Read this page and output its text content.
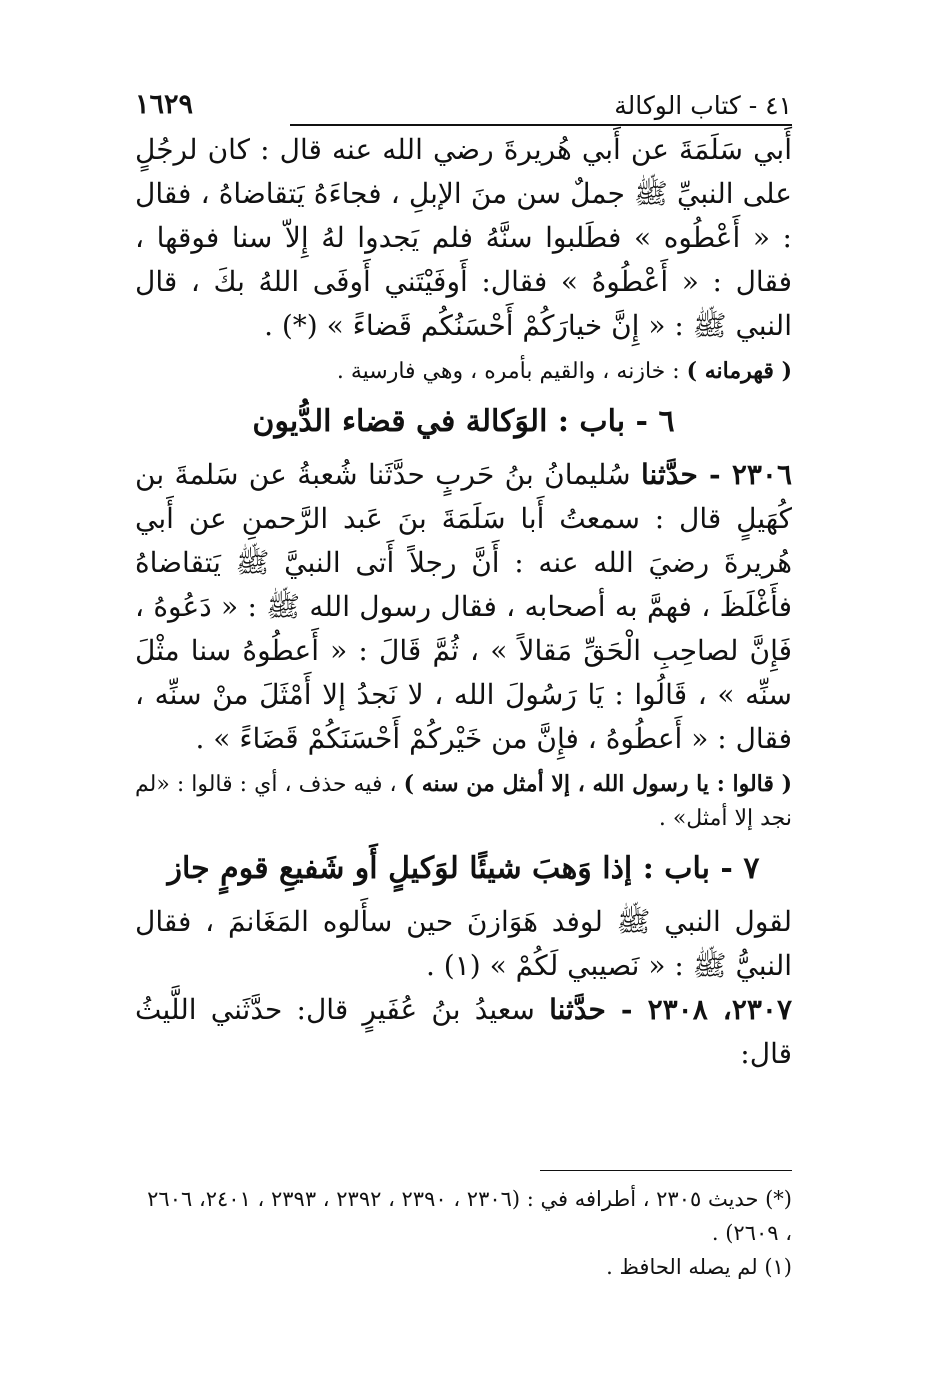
٤١ - كتاب الوكالة
١٦٢٩

أَبي سَلَمَةَ عن أَبي هُريرةَ رضي الله عنه قال : كان لرجُلٍ على النبيِّ ﷺ جملٌ سن منَ الإبلِ ، فجاءَهُ يَتقاضاهُ ، فقال : « أَعْطُوه » فطَلبوا سنَّهُ فلم يَجدوا لهُ إِلاّ سنا فوقها ، فقال : « أَعْطُوهُ » فقال: أَوفَيْتَني أَوفَى اللهُ بكَ ، قال النبي ﷺ : « إِنَّ خيارَكُمْ أَحْسَنُكُم قَضاءً » (*) .

( قهرمانه ) : خازنه ، والقيم بأمره ، وهي فارسية .

٦ - باب : الوَكالة في قضاء الدُّيون

٢٣٠٦ - حدَّثنا سُليمانُ بنُ حَربٍ حدَّثَنا شُعبةُ عن سَلمةَ بن كُهَيلٍ قال : سمعتُ أَبا سَلَمَةَ بنَ عَبد الرَّحمنِ عن أَبي هُريرةَ رضيَ الله عنه : أَنَّ رجلاً أَتى النبيَّ ﷺ يَتقاضاهُ فأَغْلَظَ ، فهمَّ به أصحابه ، فقال رسول الله ﷺ : « دَعُوهُ ، فَإِنَّ لصاحِبِ الْحَقِّ مَقالاً » ، ثُمَّ قَالَ : « أَعطُوهُ سنا مثْلَ سنِّه » ، قَالُوا : يَا رَسُولَ الله ، لا نَجدُ إلا أَمْثَلَ منْ سنِّه ، فقال : « أَعطُوهُ ، فإِنَّ من خَيْركُمْ أَحْسَنَكُمْ قَضَاءً » .

( قالوا : يا رسول الله ، إلا أمثل من سنه ) ، فيه حذف ، أي : قالوا : «لم نجد إلا أمثل» .

٧ - باب : إذا وَهبَ شيئًا لوَكيلٍ أَو شَفيعِ قومٍ جاز

لقول النبي ﷺ لوفد هَوَازنَ حين سأَلوه المَغَانمَ ، فقال النبيُّ ﷺ : « نَصيبي لَكُمْ » (١) .

٢٣٠٧، ٢٣٠٨ - حدَّثنا سعيدُ بنُ عُفَيرٍ قال: حدَّثَني اللَّيثُ قال:

(*) حديث ٢٣٠٥ ، أطرافه في : (٢٣٠٦ ، ٢٣٩٠ ، ٢٣٩٢ ، ٢٣٩٣ ، ٢٤٠١، ٢٦٠٦ ، ٢٦٠٩) .

(١) لم يصله الحافظ .
